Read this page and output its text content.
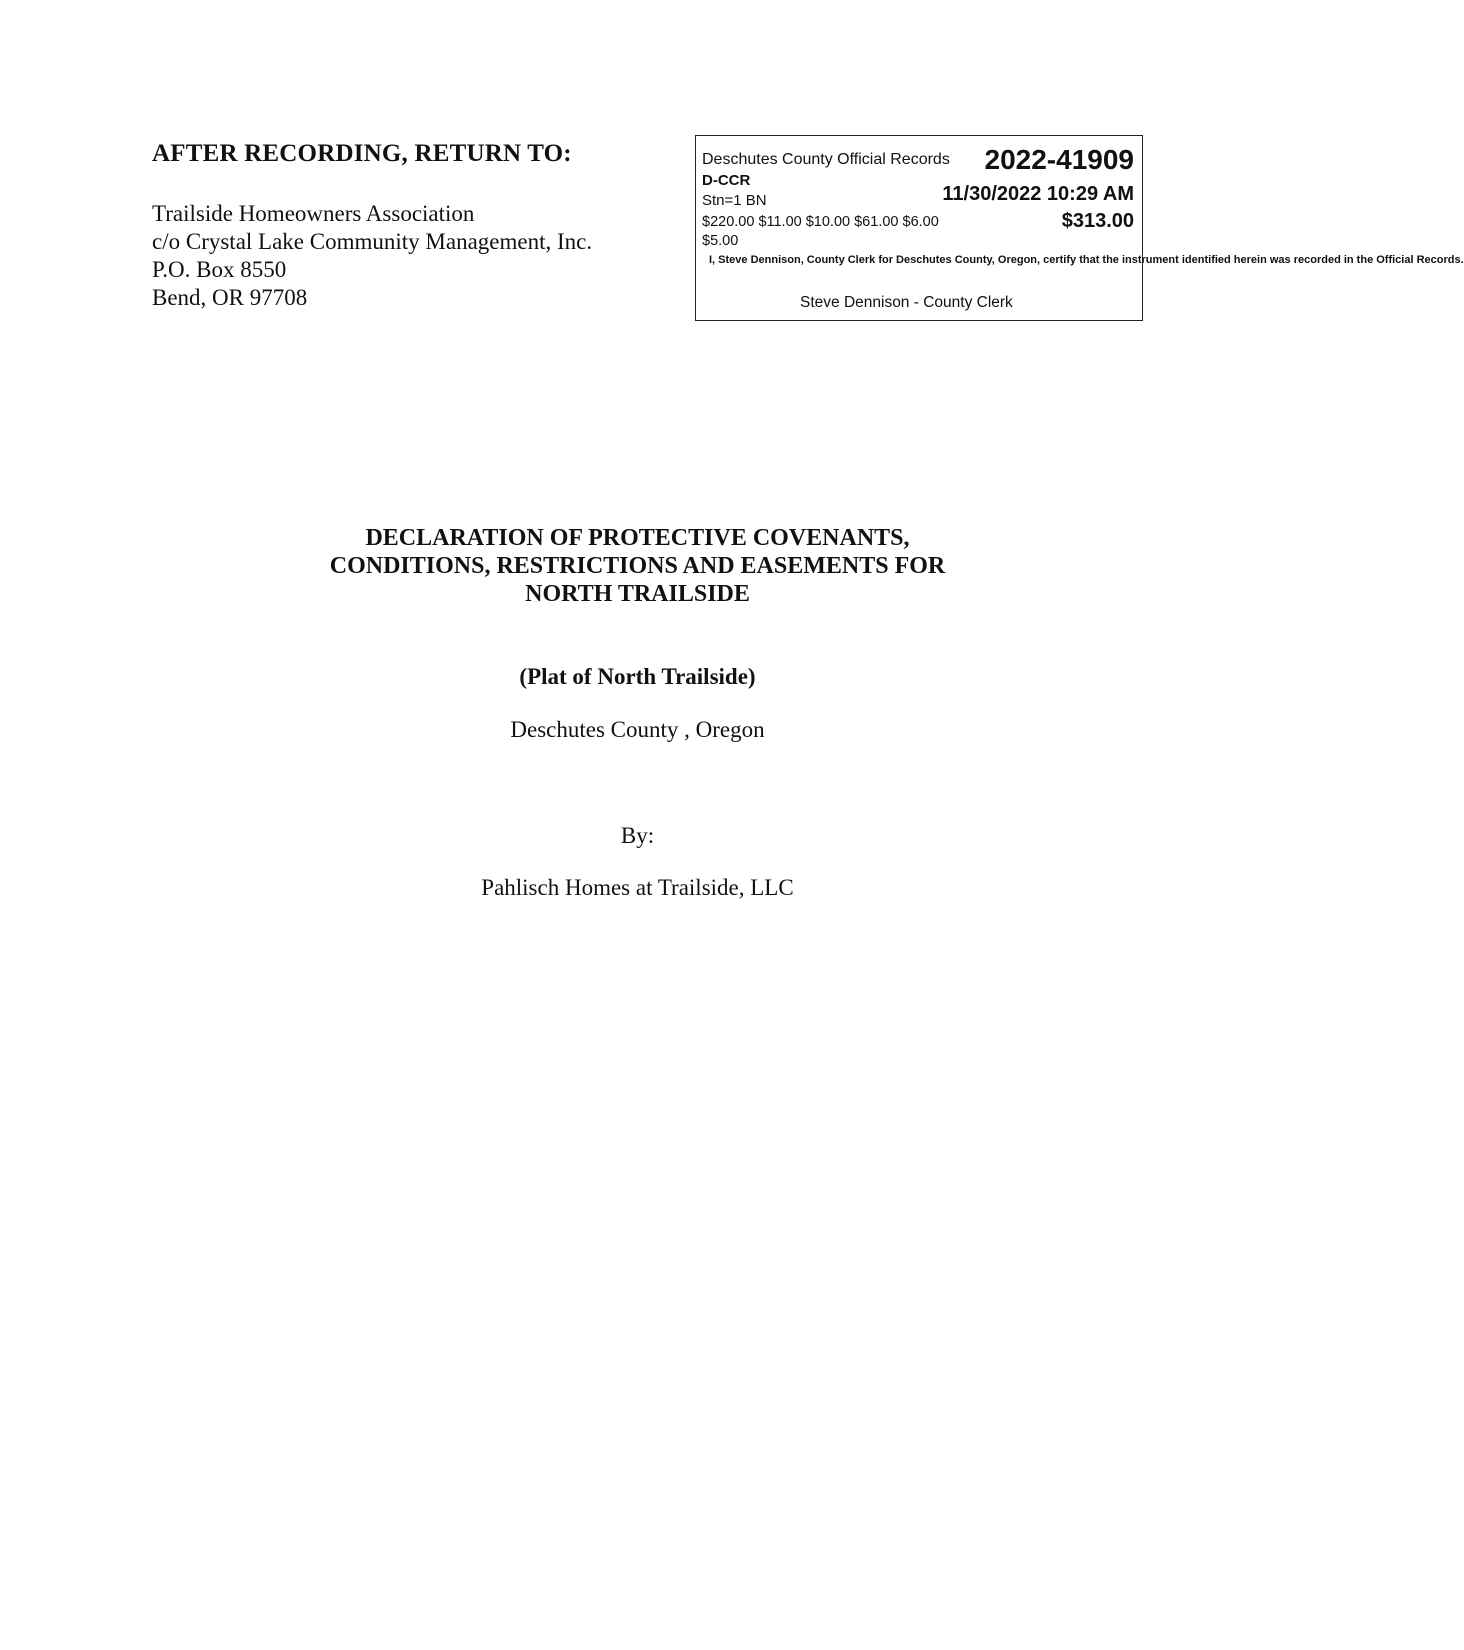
AFTER RECORDING, RETURN TO:

Trailside Homeowners Association

c/o Crystal Lake Community Management, Inc.

P.O. Box 8550

Bend, OR 97708

Deschutes County Official Records 2022-41909
D-CCR
Stn=1 BN	11/30/2022 10:29 AM
$220.00 $11.00 $10.00 $61.00 $6.00	$313.00
$5.00
I, Steve Dennison, County Clerk for Deschutes County, Oregon, certify that the instrument identified herein was recorded in the Official Records.
Steve Dennison - County Clerk

DECLARATION OF PROTECTIVE COVENANTS,

CONDITIONS, RESTRICTIONS AND EASEMENTS FOR

NORTH TRAILSIDE

(Plat of North Trailside)

Deschutes County , Oregon

By:

Pahlisch Homes at Trailside, LLC
